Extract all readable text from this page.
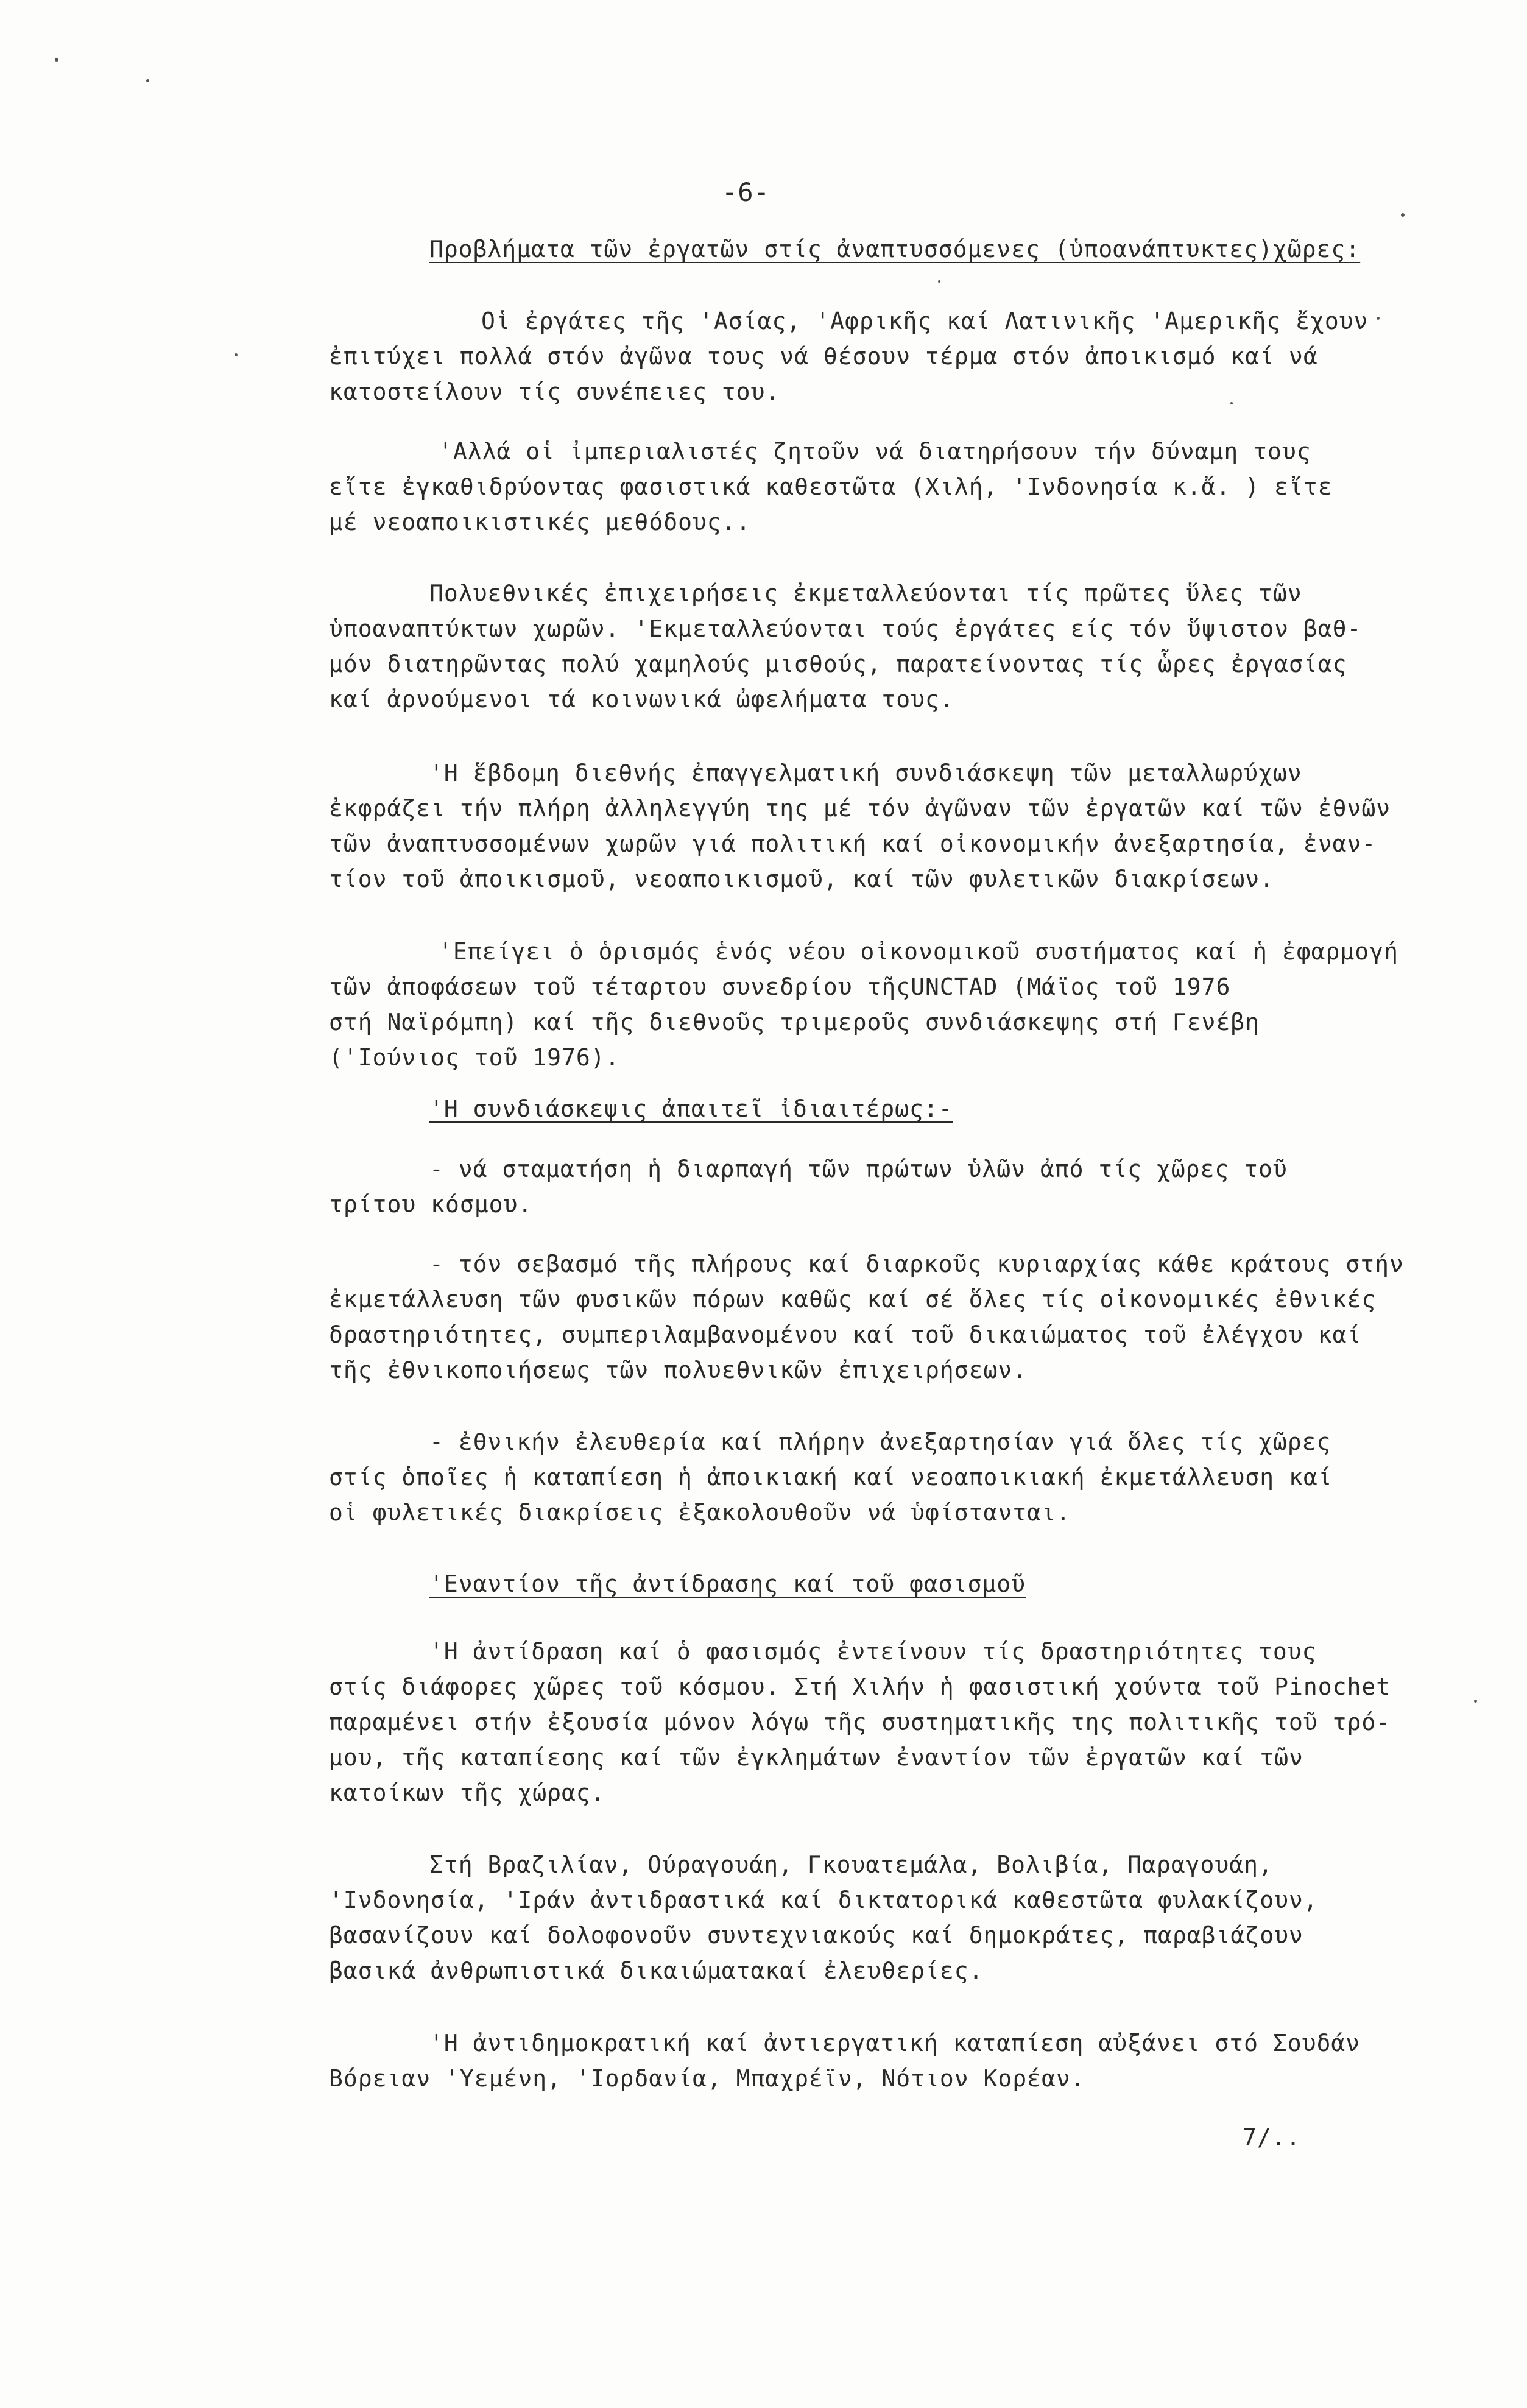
-6-
Προβλήματα τῶν ἐργατῶν στίς ἀναπτυσσόμενες (ὑποανάπτυκτες)χῶρες:
Οἱ ἐργάτες τῆς 'Ασίας, 'Αφρικῆς καί Λατινικῆς 'Αμερικῆς ἔχουν
ἐπιτύχει πολλά στόν ἀγῶνα τους νά θέσουν τέρμα στόν ἀποικισμό καί νά
κατοστείλουν τίς συνέπειες του.
'Αλλά οἱ ἰμπεριαλιστές ζητοῦν νά διατηρήσουν τήν δύναμη τους
εἴτε ἐγκαθιδρύοντας φασιστικά καθεστῶτα (Χιλή, 'Ινδονησία κ.ἄ. ) εἴτε
μέ νεοαποικιστικές μεθόδους..
Πολυεθνικές ἐπιχειρήσεις ἐκμεταλλεύονται τίς πρῶτες ὕλες τῶν
ὑποαναπτύκτων χωρῶν. 'Εκμεταλλεύονται τούς ἐργάτες είς τόν ὕψιστον βαθ-
μόν διατηρῶντας πολύ χαμηλούς μισθούς, παρατείνοντας τίς ὧρες ἐργασίας
καί ἀρνούμενοι τά κοινωνικά ὠφελήματα τους.
'Η ἕβδομη διεθνής ἐπαγγελματική συνδιάσκεψη τῶν μεταλλωρύχων
ἐκφράζει τήν πλήρη ἀλληλεγγύη της μέ τόν ἀγῶναν τῶν ἐργατῶν καί τῶν ἐθνῶν
τῶν ἀναπτυσσομένων χωρῶν γιά πολιτική καί οἰκονομικήν ἀνεξαρτησία, ἐναν-
τίον τοῦ ἀποικισμοῦ, νεοαποικισμοῦ, καί τῶν φυλετικῶν διακρίσεων.
'Επείγει ὁ ὁρισμός ἑνός νέου οἰκονομικοῦ συστήματος καί ἡ ἐφαρμογή
τῶν ἀποφάσεων τοῦ τέταρτου συνεδρίου τῆςUNCTAD (Μάϊος τοῦ 1976
στή Ναϊρόμπη) καί τῆς διεθνοῦς τριμεροῦς συνδιάσκεψης στή Γενέβη
('Ιούνιος τοῦ 1976).
'Η συνδιάσκεψις ἀπαιτεῖ ἰδιαιτέρως:-
- νά σταματήση ἡ διαρπαγή τῶν πρώτων ὑλῶν ἀπό τίς χῶρες τοῦ
τρίτου κόσμου.
- τόν σεβασμό τῆς πλήρους καί διαρκοῦς κυριαρχίας κάθε κράτους στήν
ἐκμετάλλευση τῶν φυσικῶν πόρων καθῶς καί σέ ὅλες τίς οἰκονομικές ἐθνικές
δραστηριότητες, συμπεριλαμβανομένου καί τοῦ δικαιώματος τοῦ ἐλέγχου καί
τῆς ἐθνικοποιήσεως τῶν πολυεθνικῶν ἐπιχειρήσεων.
- ἐθνικήν ἐλευθερία καί πλήρην ἀνεξαρτησίαν γιά ὅλες τίς χῶρες
στίς ὁποῖες ἡ καταπίεση ἡ ἀποικιακή καί νεοαποικιακή ἐκμετάλλευση καί
οἱ φυλετικές διακρίσεις ἐξακολουθοῦν νά ὑφίστανται.
'Εναντίον τῆς ἀντίδρασης καί τοῦ φασισμοῦ
'Η ἀντίδραση καί ὁ φασισμός ἐντείνουν τίς δραστηριότητες τους
στίς διάφορες χῶρες τοῦ κόσμου. Στή Χιλήν ἡ φασιστική χούντα τοῦ Pinochet
παραμένει στήν ἐξουσία μόνον λόγω τῆς συστηματικῆς της πολιτικῆς τοῦ τρό-
μου, τῆς καταπίεσης καί τῶν ἐγκλημάτων ἐναντίον τῶν ἐργατῶν καί τῶν
κατοίκων τῆς χώρας.
Στή Βραζιλίαν, Ούραγουάη, Γκουατεμάλα, Βολιβία, Παραγουάη,
'Ινδονησία, 'Ιράν ἀντιδραστικά καί δικτατορικά καθεστῶτα φυλακίζουν,
βασανίζουν καί δολοφονοῦν συντεχνιακούς καί δημοκράτες, παραβιάζουν
βασικά ἀνθρωπιστικά δικαιώματακαί ἐλευθερίες.
'Η ἀντιδημοκρατική καί ἀντιεργατική καταπίεση αὐξάνει στό Σουδάν
Βόρειαν 'Υεμένη, 'Ιορδανία, Μπαχρέϊν, Νότιον Κορέαν.
7/..
